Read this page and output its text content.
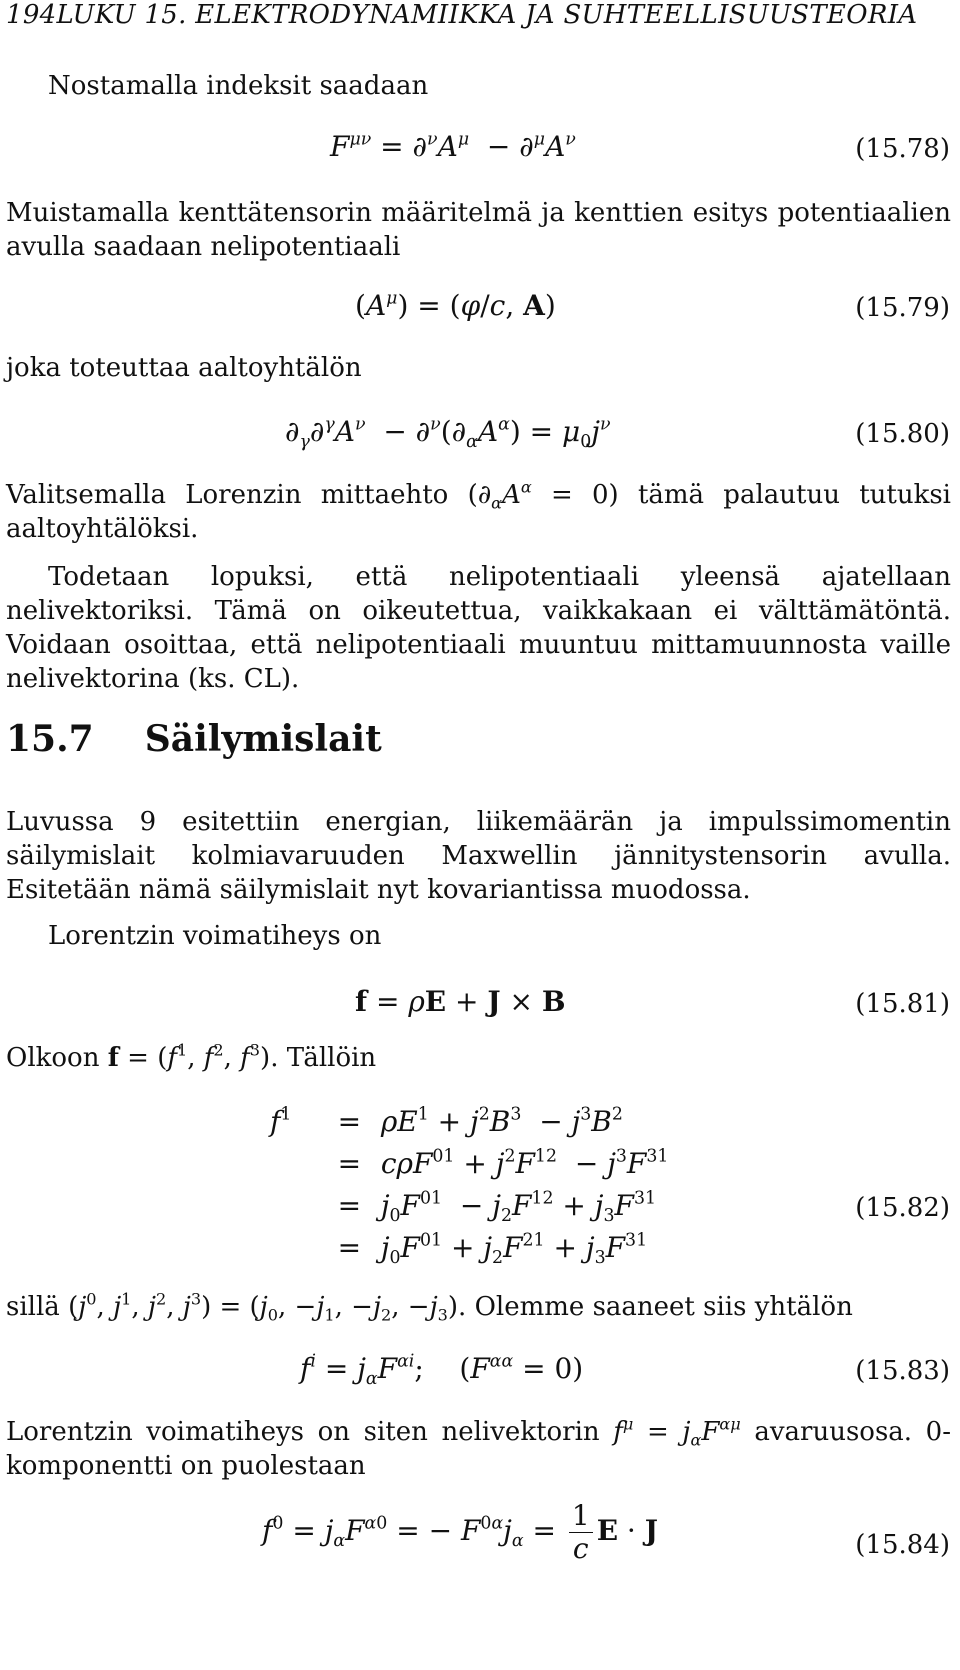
194LUKU 15. ELEKTRODYNAMIIKKA JA SUHTEELLISUUSTEORIA
Nostamalla indeksit saadaan
$F^{\mu\nu} = \partial^\nu A^\mu - \partial^\mu A^\nu$	(15.78)
Muistamalla kenttätensorin määritelmä ja kenttien esitys potentiaalien avulla saadaan nelipotentiaali
$(A^\mu) = (\varphi/c$, A)	(15.79)
joka toteuttaa aaltoyhtälön
$\partial_\gamma\partial^\gamma A^\nu - \partial^\nu(\partial_\alpha A^\alpha) = \mu_0j^\nu$	(15.80)
Valitsemalla Lorenzin mittaehto $(\partial_\alpha A^\alpha = 0)$ tämä palautuu tutuksi aaltoyhtälöksi.
Todetaan lopuksi, että nelipotentiaali yleensä ajatellaan nelivektoriksi. Tämä on oikeutettua, vaikkakaan ei välttämätöntä. Voidaan osoittaa, että nelipotentiaali muuntuu mittamuunnosta vaille nelivektorina (ks. CL).
15.7 Säilymislait
Luvussa 9 esitettiin energian, liikemäärän ja impulssimomentin säilymislait kolmiavaruuden Maxwellin jännitystensorin avulla. Esitetään nämä säilymislait nyt kovariantissa muodossa.
Lorentzin voimatiheys on
f = ρE + J × B	(15.81)
Olkoon $f = (f^1$, $f^2$, $f^3$). Tällöin
$f^1 = \rho E^1 + j^2B^3 - j^3B^2$
= $c\rho F^{01} + j^2F^{12} - j^3F^{31}$
= $j_0F^{01} - j_2F^{12} + j_3F^{31}$	(15.82)
= $j_0F^{01} + j_2F^{21} + j_3F^{31}$
sillä ($j^0$, $j^1$, $j^2$, $j^3) = (j_0$, $-j_1$, $-j_2$, $-j_3$). Olemme saaneet siis yhtälön
$f^i = j_\alpha F^{\alpha i}$;    $(F^{\alpha\alpha} = 0)$	(15.83)
Lorentzin voimatiheys on siten nelivektorin $f^\mu = j_\alpha F^{\alpha\mu}$ avaruusosa. 0-komponentti on puolestaan
$f^0 = j_\alpha F^{\alpha 0}$ = − $F^{0\alpha}j_\alpha = \frac{1}{c}$ E · J	(15.84)
